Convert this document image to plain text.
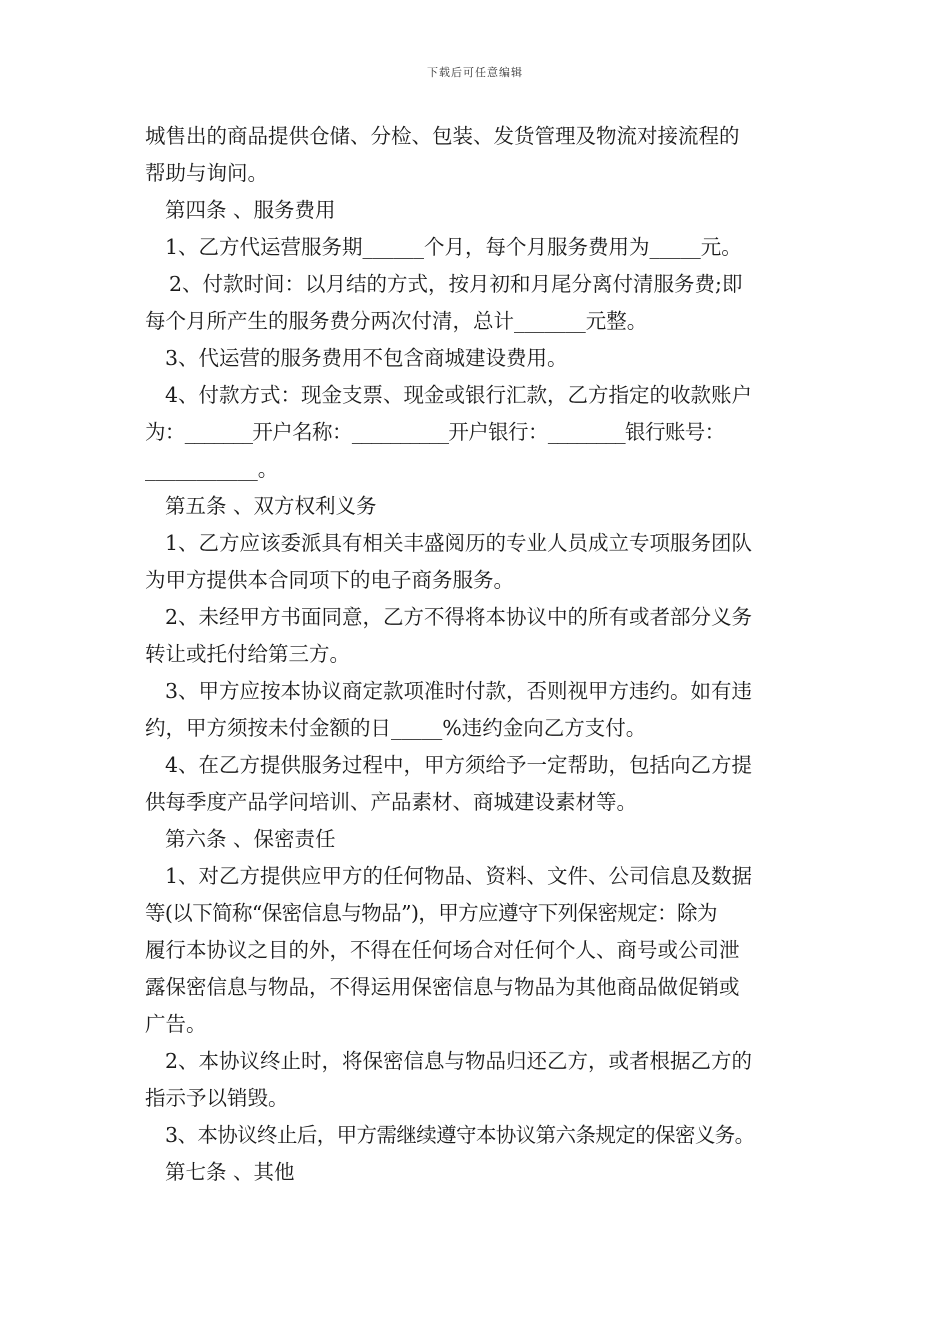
下载后可任意编辑
城售出的商品提供仓储、分检、包装、发货管理及物流对接流程的
帮助与询问。
第四条 、服务费用
1、乙方代运营服务期______个月，每个月服务费用为_____元。
2、付款时间：以月结的方式，按月初和月尾分离付清服务费;即
每个月所产生的服务费分两次付清，总计_______元整。
3、代运营的服务费用不包含商城建设费用。
4、付款方式：现金支票、现金或银行汇款，乙方指定的收款账户
为：_______开户名称：__________开户银行：________银行账号：
___________。
第五条 、双方权利义务
1、乙方应该委派具有相关丰盛阅历的专业人员成立专项服务团队
为甲方提供本合同项下的电子商务服务。
2、未经甲方书面同意，乙方不得将本协议中的所有或者部分义务
转让或托付给第三方。
3、甲方应按本协议商定款项准时付款，否则视甲方违约。如有违
约，甲方须按未付金额的日_____%违约金向乙方支付。
4、在乙方提供服务过程中，甲方须给予一定帮助，包括向乙方提
供每季度产品学问培训、产品素材、商城建设素材等。
第六条 、保密责任
1、对乙方提供应甲方的任何物品、资料、文件、公司信息及数据
等(以下简称“保密信息与物品”)，甲方应遵守下列保密规定：除为
履行本协议之目的外，不得在任何场合对任何个人、商号或公司泄
露保密信息与物品，不得运用保密信息与物品为其他商品做促销或
广告。
2、本协议终止时，将保密信息与物品归还乙方，或者根据乙方的
指示予以销毁。
3、本协议终止后，甲方需继续遵守本协议第六条规定的保密义务。
第七条 、其他
